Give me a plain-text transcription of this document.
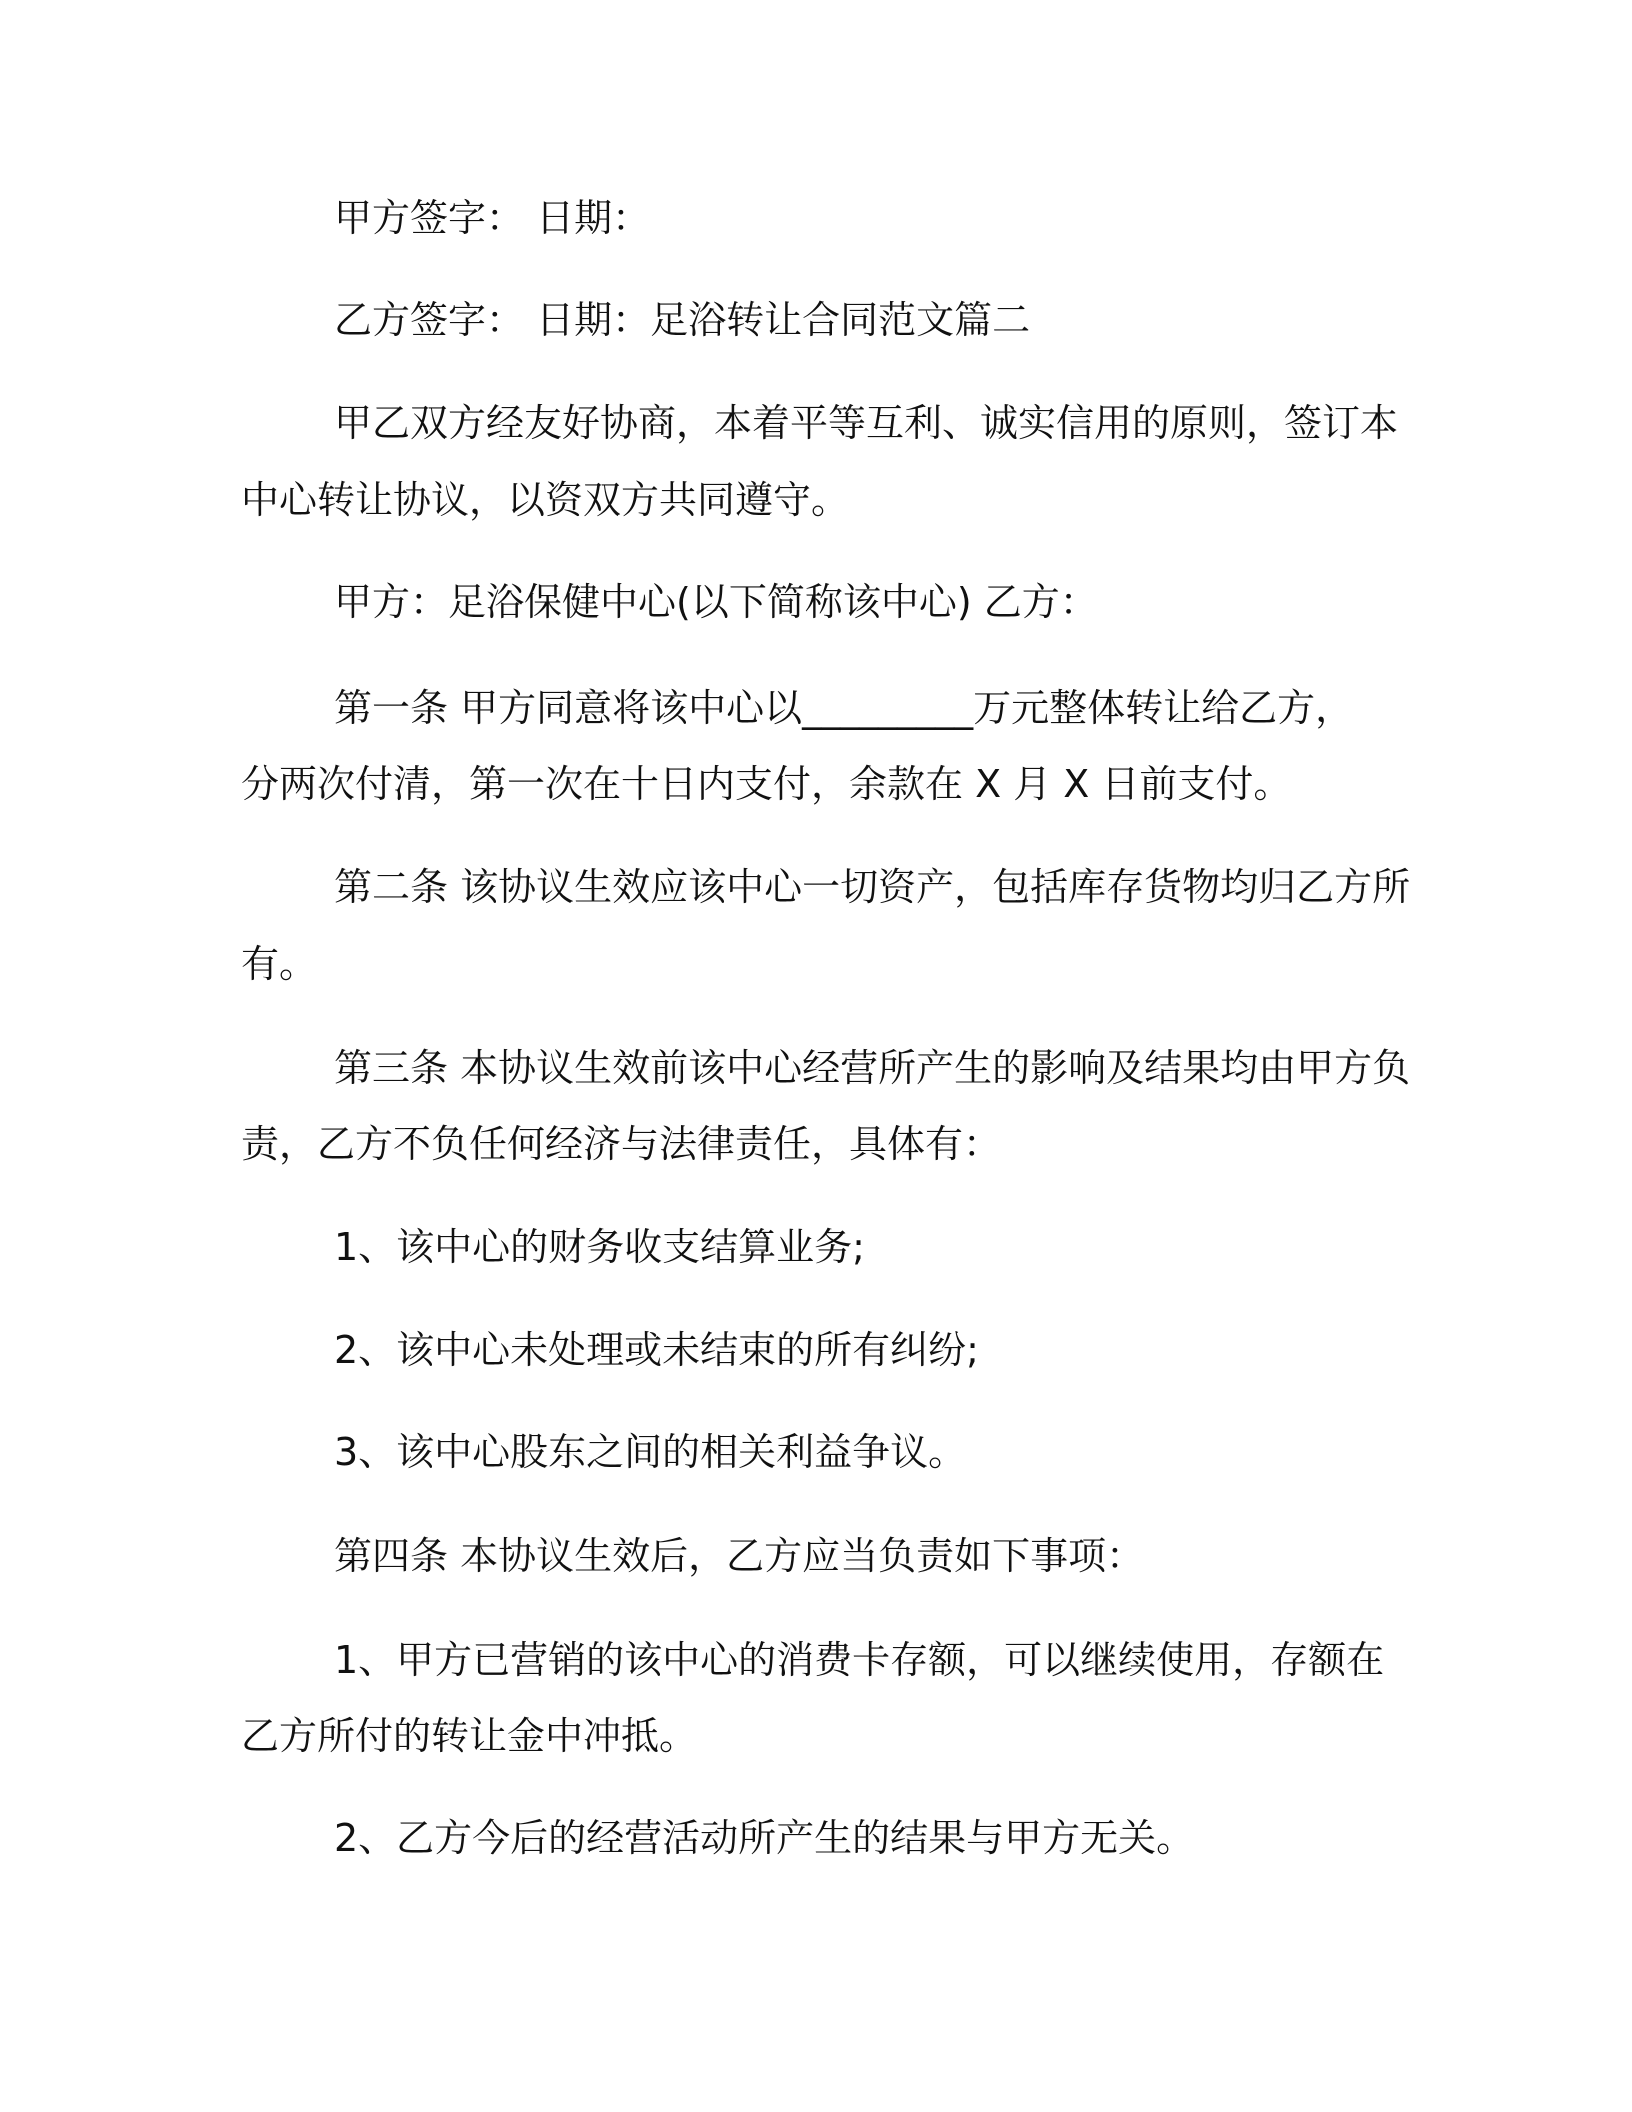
甲方签字： 日期：

乙方签字： 日期：足浴转让合同范文篇二

甲乙双方经友好协商，本着平等互利、诚实信用的原则，签订本

中心转让协议，以资双方共同遵守。

甲方：足浴保健中心(以下简称该中心) 乙方：

第一条 甲方同意将该中心以_________万元整体转让给乙方，

分两次付清，第一次在十日内支付，余款在 X 月 X 日前支付。

第二条 该协议生效应该中心一切资产，包括库存货物均归乙方所

有。

第三条 本协议生效前该中心经营所产生的影响及结果均由甲方负

责，乙方不负任何经济与法律责任，具体有：

1、该中心的财务收支结算业务;

2、该中心未处理或未结束的所有纠纷;

3、该中心股东之间的相关利益争议。

第四条 本协议生效后，乙方应当负责如下事项：

1、甲方已营销的该中心的消费卡存额，可以继续使用，存额在

乙方所付的转让金中冲抵。

2、乙方今后的经营活动所产生的结果与甲方无关。
